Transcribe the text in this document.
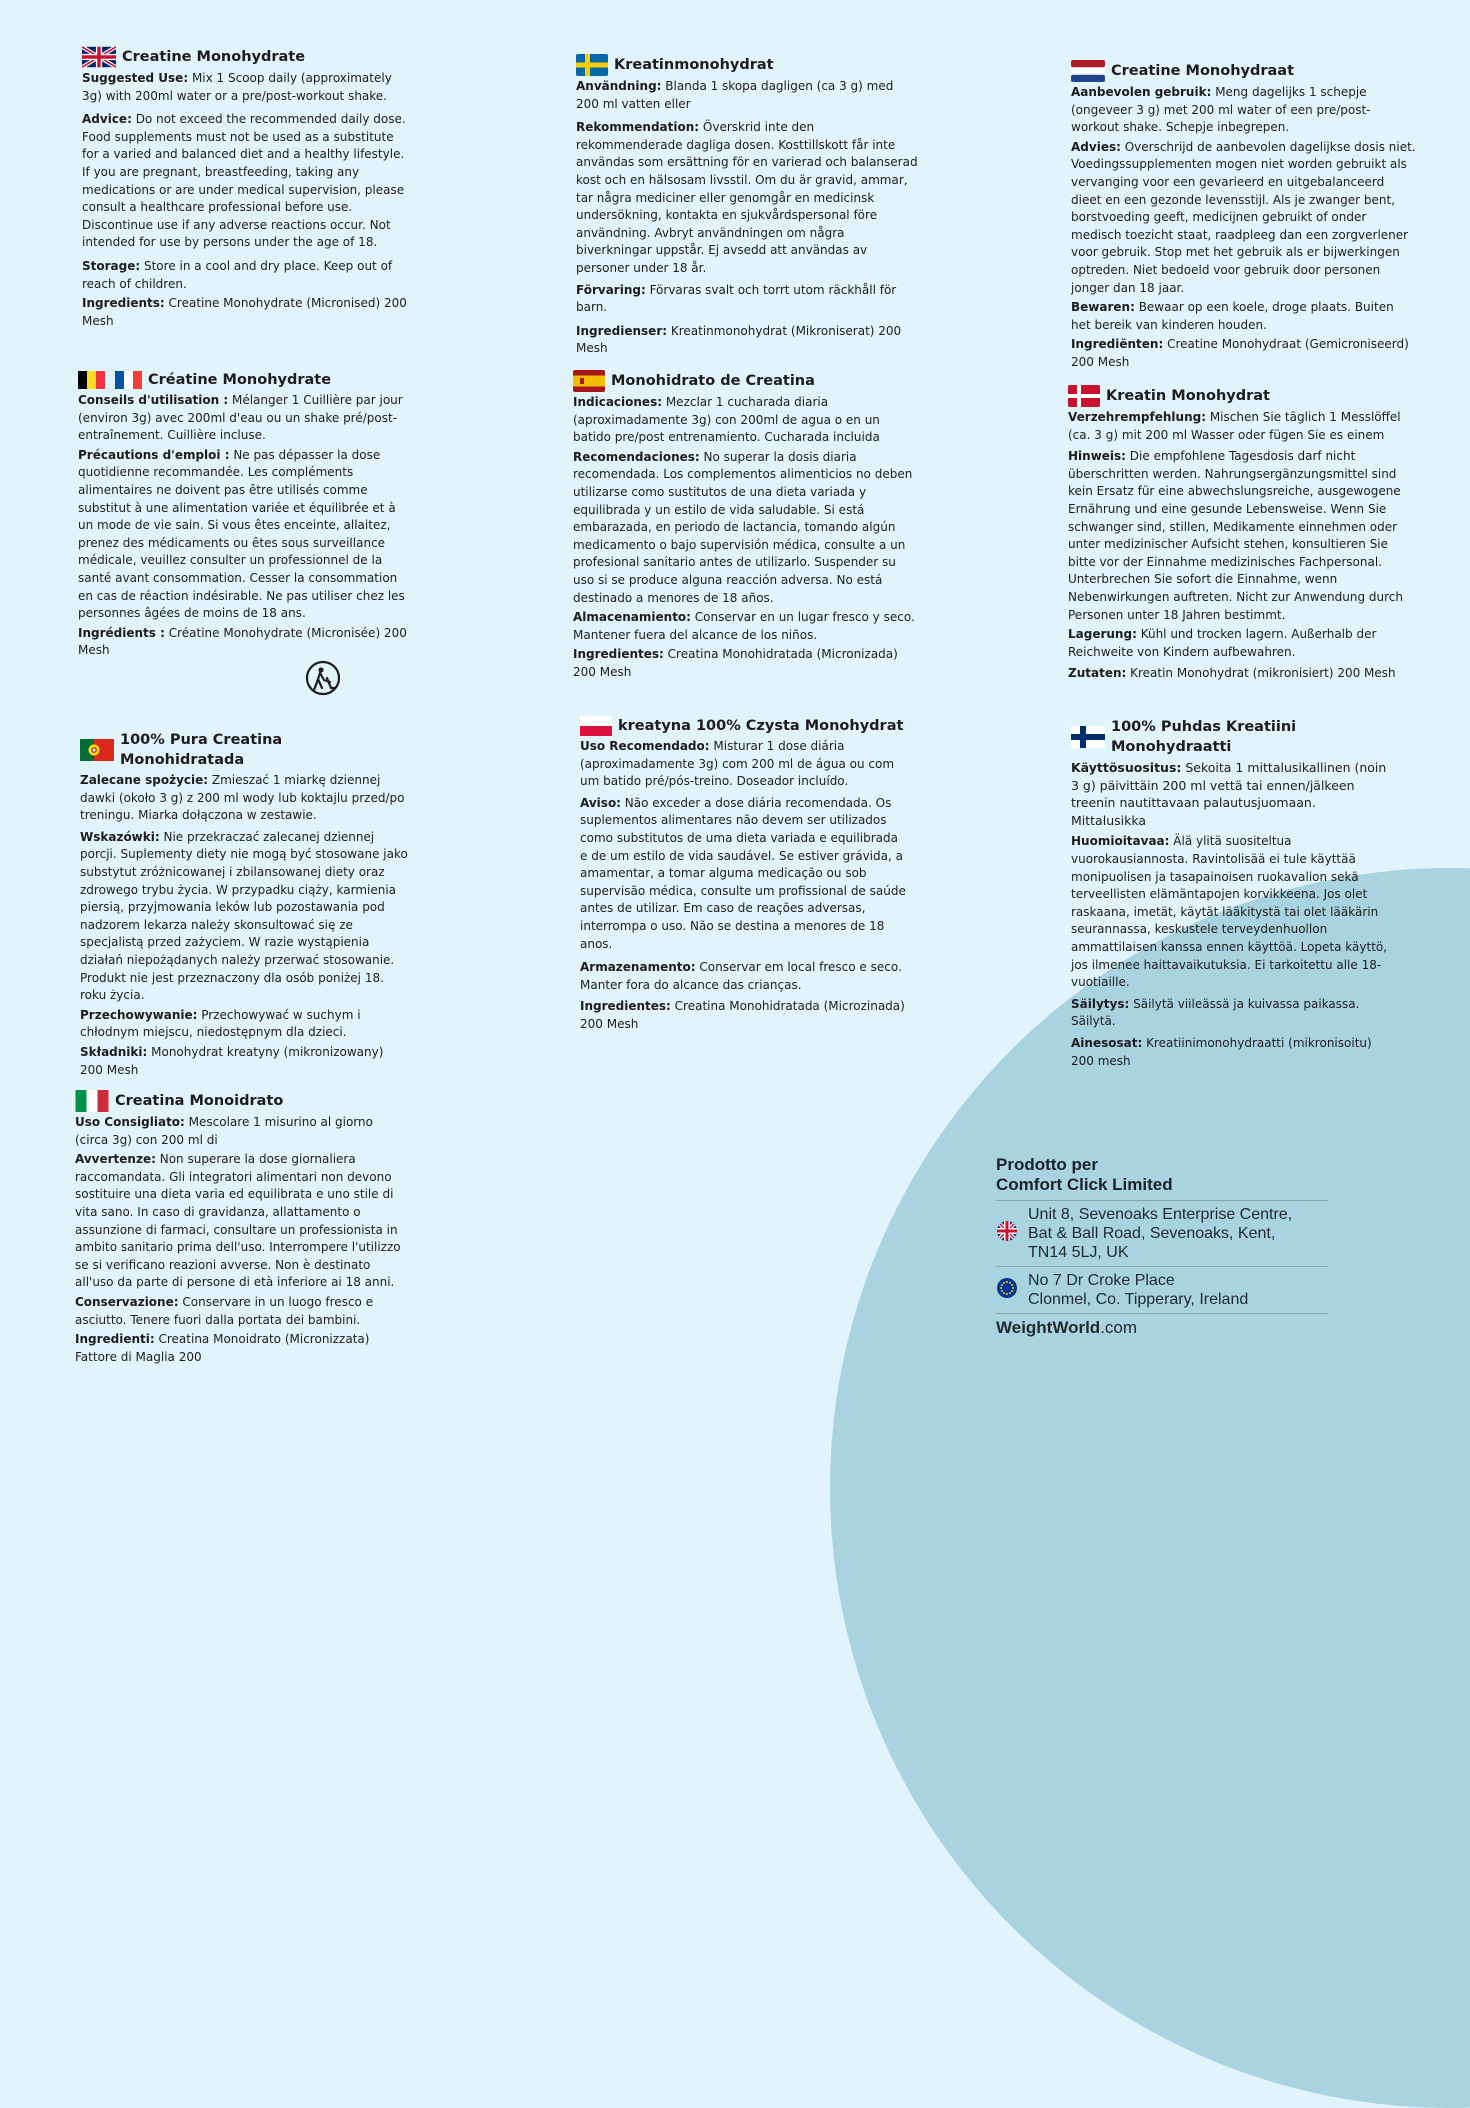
Creatine Monohydrate

Suggested Use: Mix 1 Scoop daily (approximately 3g) with 200ml water or a pre/post-workout shake.

Advice: Do not exceed the recommended daily dose. Food supplements must not be used as a substitute for a varied and balanced diet and a healthy lifestyle. If you are pregnant, breastfeeding, taking any medications or are under medical supervision, please consult a healthcare professional before use. Discontinue use if any adverse reactions occur. Not intended for use by persons under the age of 18.

Storage: Store in a cool and dry place. Keep out of reach of children.

Ingredients: Creatine Monohydrate (Micronised) 200 Mesh

Créatine Monohydrate

Conseils d'utilisation : Mélanger 1 Cuillière par jour (environ 3g) avec 200ml d'eau ou un shake pré/post-entraînement. Cuillière incluse.

Précautions d'emploi : Ne pas dépasser la dose quotidienne recommandée. Les compléments alimentaires ne doivent pas être utilisés comme substitut à une alimentation variée et équilibrée et à un mode de vie sain. Si vous êtes enceinte, allaitez, prenez des médicaments ou êtes sous surveillance médicale, veuillez consulter un professionnel de la santé avant consommation. Cesser la consommation en cas de réaction indésirable. Ne pas utiliser chez les personnes âgées de moins de 18 ans.

Ingrédients : Créatine Monohydrate (Micronisée) 200 Mesh

100% Pura Creatina Monohidratada

Zalecane spożycie: Zmieszać 1 miarkę dziennej dawki (około 3 g) z 200 ml wody lub koktajlu przed/po treningu. Miarka dołączona w zestawie.

Wskazówki: Nie przekraczać zalecanej dziennej porcji. Suplementy diety nie mogą być stosowane jako substytut zróżnicowanej i zbilansowanej diety oraz zdrowego trybu życia. W przypadku ciąży, karmienia piersią, przyjmowania leków lub pozostawania pod nadzorem lekarza należy skonsultować się ze specjalistą przed zażyciem. W razie wystąpienia działań niepożądanych należy przerwać stosowanie. Produkt nie jest przeznaczony dla osób poniżej 18. roku życia.

Przechowywanie: Przechowywać w suchym i chłodnym miejscu, niedostępnym dla dzieci.

Składniki: Monohydrat kreatyny (mikronizowany) 200 Mesh

Creatina Monoidrato

Uso Consigliato: Mescolare 1 misurino al giorno (circa 3g) con 200 ml di

Avvertenze: Non superare la dose giornaliera raccomandata. Gli integratori alimentari non devono sostituire una dieta varia ed equilibrata e uno stile di vita sano. In caso di gravidanza, allattamento o assunzione di farmaci, consultare un professionista in ambito sanitario prima dell'uso. Interrompere l'utilizzo se si verificano reazioni avverse. Non è destinato all'uso da parte di persone di età inferiore ai 18 anni.

Conservazione: Conservare in un luogo fresco e asciutto. Tenere fuori dalla portata dei bambini.

Ingredienti: Creatina Monoidrato (Micronizzata) Fattore di Maglia 200

Kreatinmonohydrat

Användning: Blanda 1 skopa dagligen (ca 3 g) med 200 ml vatten eller

Rekommendation: Överskrid inte den rekommenderade dagliga dosen. Kosttillskott får inte användas som ersättning för en varierad och balanserad kost och en hälsosam livsstil. Om du är gravid, ammar, tar några mediciner eller genomgår en medicinsk undersökning, kontakta en sjukvårdspersonal före användning. Avbryt användningen om några biverkningar uppstår. Ej avsedd att användas av personer under 18 år.

Förvaring: Förvaras svalt och torrt utom räckhåll för barn.

Ingredienser: Kreatinmonohydrat (Mikroniserat) 200 Mesh

Monohidrato de Creatina

Indicaciones: Mezclar 1 cucharada diaria (aproximadamente 3g) con 200ml de agua o en un batido pre/post entrenamiento. Cucharada incluida

Recomendaciones: No superar la dosis diaria recomendada. Los complementos alimenticios no deben utilizarse como sustitutos de una dieta variada y equilibrada y un estilo de vida saludable. Si está embarazada, en periodo de lactancia, tomando algún medicamento o bajo supervisión médica, consulte a un profesional sanitario antes de utilizarlo. Suspender su uso si se produce alguna reacción adversa. No está destinado a menores de 18 años.

Almacenamiento: Conservar en un lugar fresco y seco. Mantener fuera del alcance de los niños.

Ingredientes: Creatina Monohidratada (Micronizada) 200 Mesh

kreatyna 100% Czysta Monohydrat

Uso Recomendado: Misturar 1 dose diária (aproximadamente 3g) com 200 ml de água ou com um batido pré/pós-treino. Doseador incluído.

Aviso: Não exceder a dose diária recomendada. Os suplementos alimentares não devem ser utilizados como substitutos de uma dieta variada e equilibrada e de um estilo de vida saudável. Se estiver grávida, a amamentar, a tomar alguma medicação ou sob supervisão médica, consulte um profissional de saúde antes de utilizar. Em caso de reações adversas, interrompa o uso. Não se destina a menores de 18 anos.

Armazenamento: Conservar em local fresco e seco. Manter fora do alcance das crianças.

Ingredientes: Creatina Monohidratada (Microzinada) 200 Mesh

Creatine Monohydraat

Aanbevolen gebruik: Meng dagelijks 1 schepje (ongeveer 3 g) met 200 ml water of een pre/post-workout shake. Schepje inbegrepen.

Advies: Overschrijd de aanbevolen dagelijkse dosis niet. Voedingssupplementen mogen niet worden gebruikt als vervanging voor een gevarieerd en uitgebalanceerd dieet en een gezonde levensstijl. Als je zwanger bent, borstvoeding geeft, medicijnen gebruikt of onder medisch toezicht staat, raadpleeg dan een zorgverlener voor gebruik. Stop met het gebruik als er bijwerkingen optreden. Niet bedoeld voor gebruik door personen jonger dan 18 jaar.

Bewaren: Bewaar op een koele, droge plaats. Buiten het bereik van kinderen houden.

Ingrediënten: Creatine Monohydraat (Gemicroniseerd) 200 Mesh

Kreatin Monohydrat

Verzehrempfehlung: Mischen Sie täglich 1 Messlöffel (ca. 3 g) mit 200 ml Wasser oder fügen Sie es einem

Hinweis: Die empfohlene Tagesdosis darf nicht überschritten werden. Nahrungsergänzungsmittel sind kein Ersatz für eine abwechslungsreiche, ausgewogene Ernährung und eine gesunde Lebensweise. Wenn Sie schwanger sind, stillen, Medikamente einnehmen oder unter medizinischer Aufsicht stehen, konsultieren Sie bitte vor der Einnahme medizinisches Fachpersonal. Unterbrechen Sie sofort die Einnahme, wenn Nebenwirkungen auftreten. Nicht zur Anwendung durch Personen unter 18 Jahren bestimmt.

Lagerung: Kühl und trocken lagern. Außerhalb der Reichweite von Kindern aufbewahren.

Zutaten: Kreatin Monohydrat (mikronisiert) 200 Mesh

100% Puhdas Kreatiini Monohydraatti

Käyttösuositus: Sekoita 1 mittalusikallinen (noin 3 g) päivittäin 200 ml vettä tai ennen/jälkeen treenin nautittavaan palautusjuomaan. Mittalusikka

Huomioitavaa: Älä ylitä suositeltua vuorokausiannosta. Ravintolisää ei tule käyttää monipuolisen ja tasapainoisen ruokavalion sekä terveellisten elämäntapojen korvikkeena. Jos olet raskaana, imetät, käytät lääkitystä tai olet lääkärin seurannassa, keskustele terveydenhuollon ammattilaisen kanssa ennen käyttöä. Lopeta käyttö, jos ilmenee haittavaikutuksia. Ei tarkoitettu alle 18-vuotiaille.

Säilytys: Säilytä viileässä ja kuivassa paikassa. Säilytä.

Ainesosat: Kreatiinimonohydraatti (mikronisoitu) 200 mesh

Prodotto per
Comfort Click Limited
Unit 8, Sevenoaks Enterprise Centre,
Bat & Ball Road, Sevenoaks, Kent,
TN14 5LJ, UK
No 7 Dr Croke Place
Clonmel, Co. Tipperary, Ireland
WeightWorld.com
